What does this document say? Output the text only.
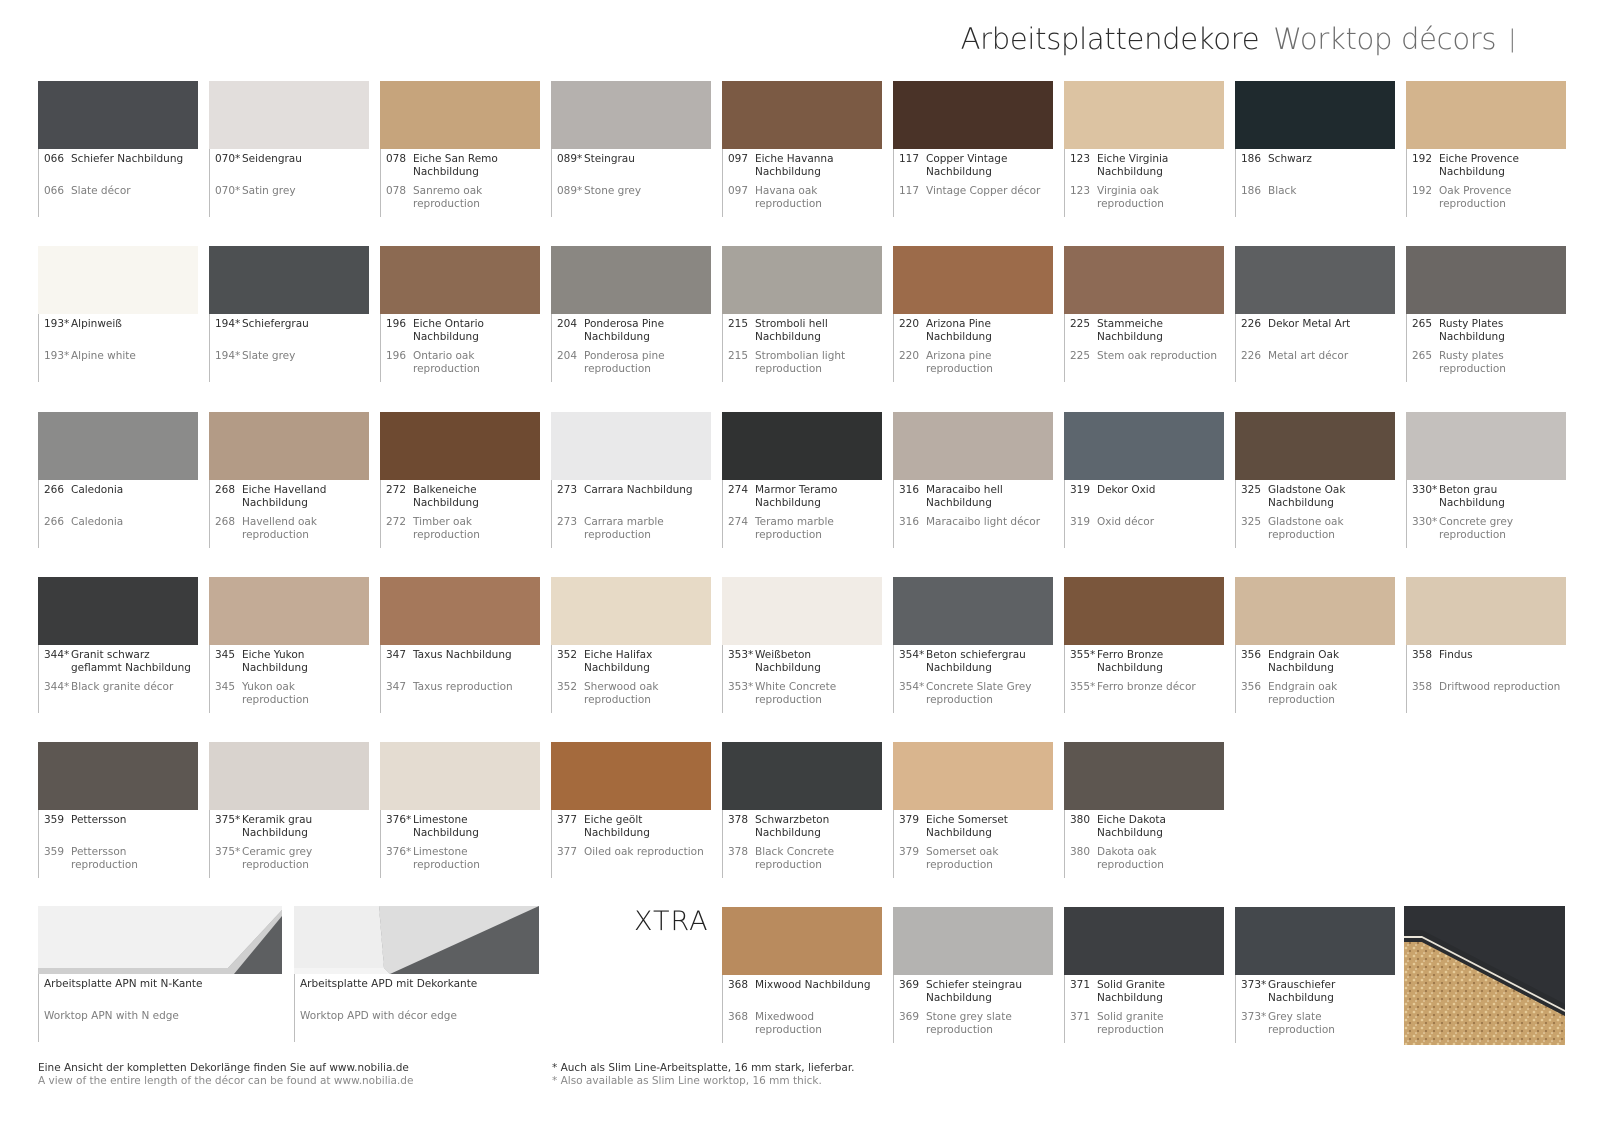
Arbeitsplattendekore Worktop décors |
066 Schiefer Nachbildung
066 Slate décor
070* Seidengrau
070* Satin grey
078 Eiche San Remo Nachbildung
078 Sanremo oak reproduction
089* Steingrau
089* Stone grey
097 Eiche Havanna Nachbildung
097 Havana oak reproduction
117 Copper Vintage Nachbildung
117 Vintage Copper décor
123 Eiche Virginia Nachbildung
123 Virginia oak reproduction
186 Schwarz
186 Black
192 Eiche Provence Nachbildung
192 Oak Provence reproduction
193* Alpinweiß
193* Alpine white
194* Schiefergrau
194* Slate grey
196 Eiche Ontario Nachbildung
196 Ontario oak reproduction
204 Ponderosa Pine Nachbildung
204 Ponderosa pine reproduction
215 Stromboli hell Nachbildung
215 Strombolian light reproduction
220 Arizona Pine Nachbildung
220 Arizona pine reproduction
225 Stammeiche Nachbildung
225 Stem oak reproduction
226 Dekor Metal Art
226 Metal art décor
265 Rusty Plates Nachbildung
265 Rusty plates reproduction
266 Caledonia
266 Caledonia
268 Eiche Havelland Nachbildung
268 Havellend oak reproduction
272 Balkeneiche Nachbildung
272 Timber oak reproduction
273 Carrara Nachbildung
273 Carrara marble reproduction
274 Marmor Teramo Nachbildung
274 Teramo marble reproduction
316 Maracaibo hell Nachbildung
316 Maracaibo light décor
319 Dekor Oxid
319 Oxid décor
325 Gladstone Oak Nachbildung
325 Gladstone oak reproduction
330* Beton grau Nachbildung
330* Concrete grey reproduction
344* Granit schwarz geflammt Nachbildung
344* Black granite décor
345 Eiche Yukon Nachbildung
345 Yukon oak reproduction
347 Taxus Nachbildung
347 Taxus reproduction
352 Eiche Halifax Nachbildung
352 Sherwood oak reproduction
353* Weißbeton Nachbildung
353* White Concrete reproduction
354* Beton schiefergrau Nachbildung
354* Concrete Slate Grey reproduction
355* Ferro Bronze Nachbildung
355* Ferro bronze décor
356 Endgrain Oak Nachbildung
356 Endgrain oak reproduction
358 Findus
358 Driftwood reproduction
359 Pettersson
359 Pettersson reproduction
375* Keramik grau Nachbildung
375* Ceramic grey reproduction
376* Limestone Nachbildung
376* Limestone reproduction
377 Eiche geölt Nachbildung
377 Oiled oak reproduction
378 Schwarzbeton Nachbildung
378 Black Concrete reproduction
379 Eiche Somerset Nachbildung
379 Somerset oak reproduction
380 Eiche Dakota Nachbildung
380 Dakota oak reproduction
368 Mixwood Nachbildung
368 Mixedwood reproduction
369 Schiefer steingrau Nachbildung
369 Stone grey slate reproduction
371 Solid Granite Nachbildung
371 Solid granite reproduction
373* Grauschiefer Nachbildung
373* Grey slate reproduction
Arbeitsplatte APN mit N-Kante
Worktop APN with N edge
Arbeitsplatte APD mit Dekorkante
Worktop APD with décor edge
XTRA
Eine Ansicht der kompletten Dekorlänge finden Sie auf www.nobilia.de
A view of the entire length of the décor can be found at www.nobilia.de
* Auch als Slim Line-Arbeitsplatte, 16 mm stark, lieferbar.
* Also available as Slim Line worktop, 16 mm thick.
